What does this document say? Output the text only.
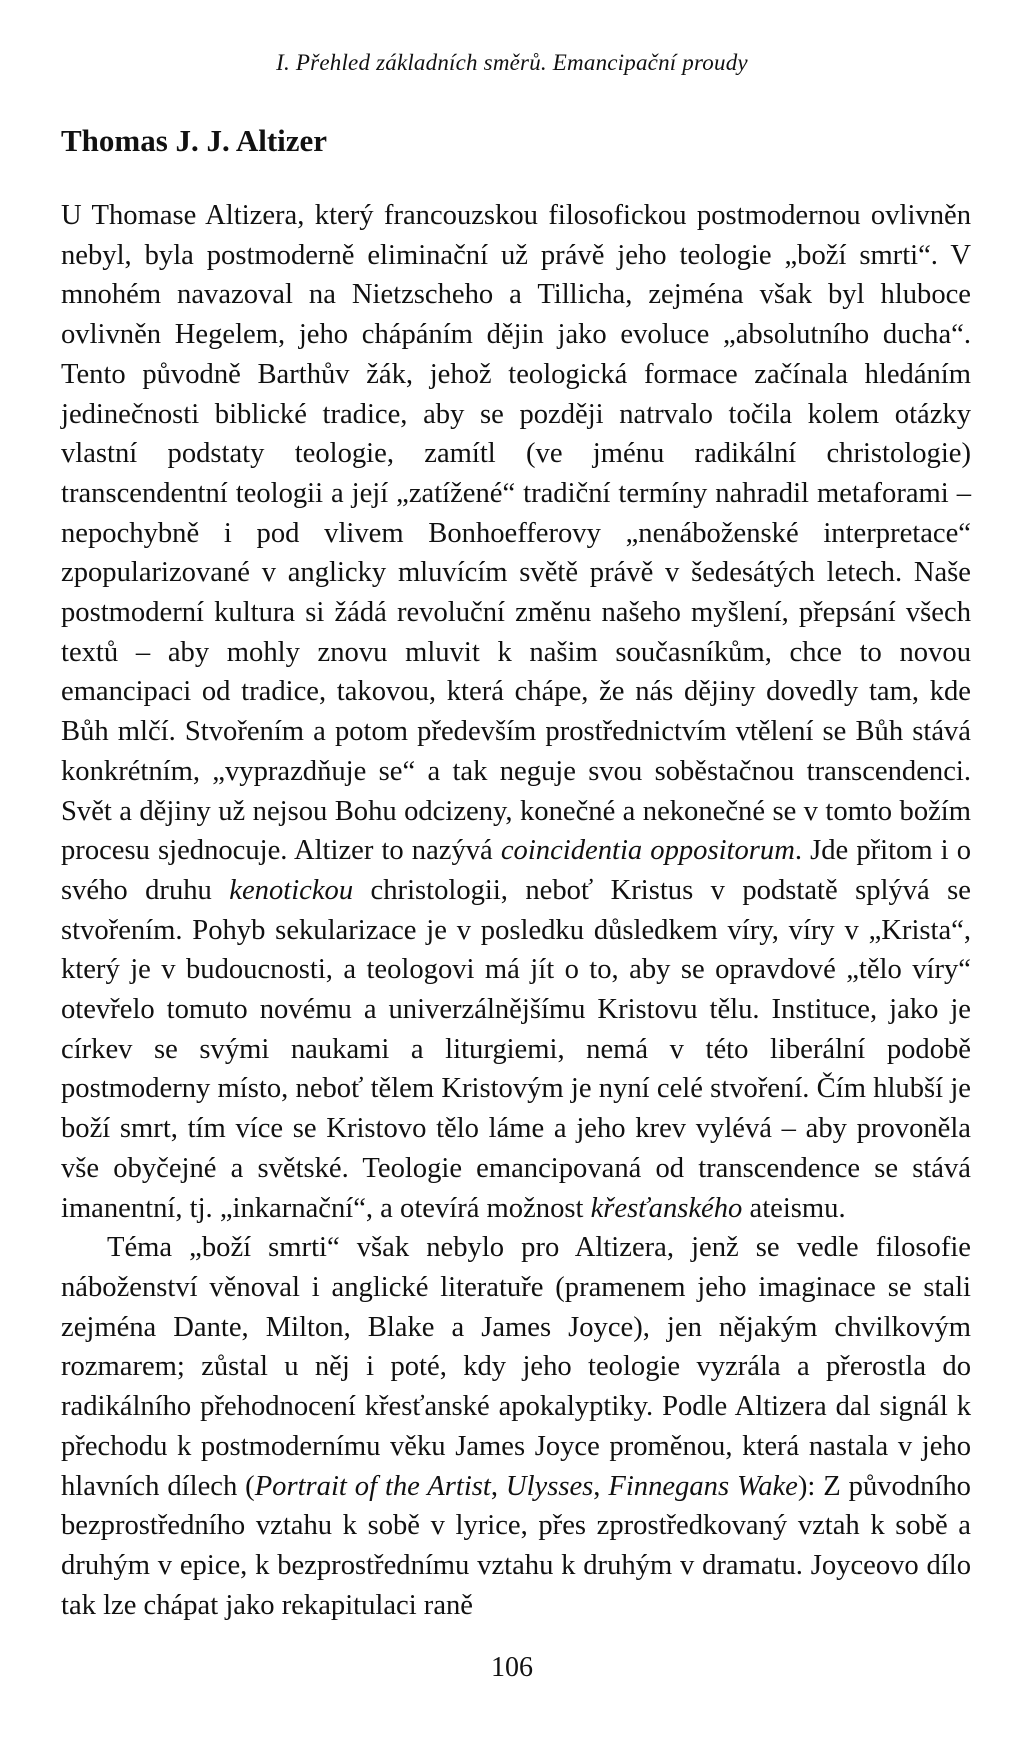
I. Přehled základních směrů. Emancipační proudy
Thomas J. J. Altizer

U Thomase Altizera, který francouzskou filosofickou postmodernou ovlivněn nebyl, byla postmoderně eliminační už právě jeho teologie „boží smrti“. V mnohém navazoval na Nietzscheho a Tillicha, zejména však byl hluboce ovlivněn Hegelem, jeho chápáním dějin jako evoluce „absolutního ducha“. Tento původně Barthův žák, jehož teologická formace začínala hledáním jedinečnosti biblické tradice, aby se později natrvalo točila kolem otázky vlastní podstaty teologie, zamítl (ve jménu radikální christologie) transcendentní teologii a její „zatížené“ tradiční termíny nahradil metaforami – nepochybně i pod vlivem Bonhoefferovy „nenáboženské interpretace“ zpopularizované v anglicky mluvícím světě právě v šedesátých letech. Naše postmoderní kultura si žádá revoluční změnu našeho myšlení, přepsání všech textů – aby mohly znovu mluvit k našim současníkům, chce to novou emancipaci od tradice, takovou, která chápe, že nás dějiny dovedly tam, kde Bůh mlčí. Stvořením a potom především prostřednictvím vtělení se Bůh stává konkrétním, „vyprazdňuje se“ a tak neguje svou soběstačnou transcendenci. Svět a dějiny už nejsou Bohu odcizeny, konečné a nekonečné se v tomto božím procesu sjednocuje. Altizer to nazývá coincidentia oppositorum. Jde přitom i o svého druhu kenotickou christologii, neboť Kristus v podstatě splývá se stvořením. Pohyb sekularizace je v posledku důsledkem víry, víry v „Krista“, který je v budoucnosti, a teologovi má jít o to, aby se opravdové „tělo víry“ otevřelo tomuto novému a univerzálnějšímu Kristovu tělu. Instituce, jako je církev se svými naukami a liturgiemi, nemá v této liberální podobě postmoderny místo, neboť tělem Kristovým je nyní celé stvoření. Čím hlubší je boží smrt, tím více se Kristovo tělo láme a jeho krev vylévá – aby provoněla vše obyčejné a světské. Teologie emancipovaná od transcendence se stává imanentní, tj. „inkarnační“, a otevírá možnost křesťanského ateismu.

Téma „boží smrti“ však nebylo pro Altizera, jenž se vedle filosofie náboženství věnoval i anglické literatuře (pramenem jeho imaginace se stali zejména Dante, Milton, Blake a James Joyce), jen nějakým chvilkovým rozmarem; zůstal u něj i poté, kdy jeho teologie vyzrála a přerostla do radikálního přehodnocení křesťanské apokalyptiky. Podle Altizera dal signál k přechodu k postmodernímu věku James Joyce proměnou, která nastala v jeho hlavních dílech (Portrait of the Artist, Ulysses, Finnegans Wake): Z původního bezprostředního vztahu k sobě v lyrice, přes zprostředkovaný vztah k sobě a druhým v epice, k bezprostřednímu vztahu k druhým v dramatu. Joyceovo dílo tak lze chápat jako rekapitulaci raně

106
